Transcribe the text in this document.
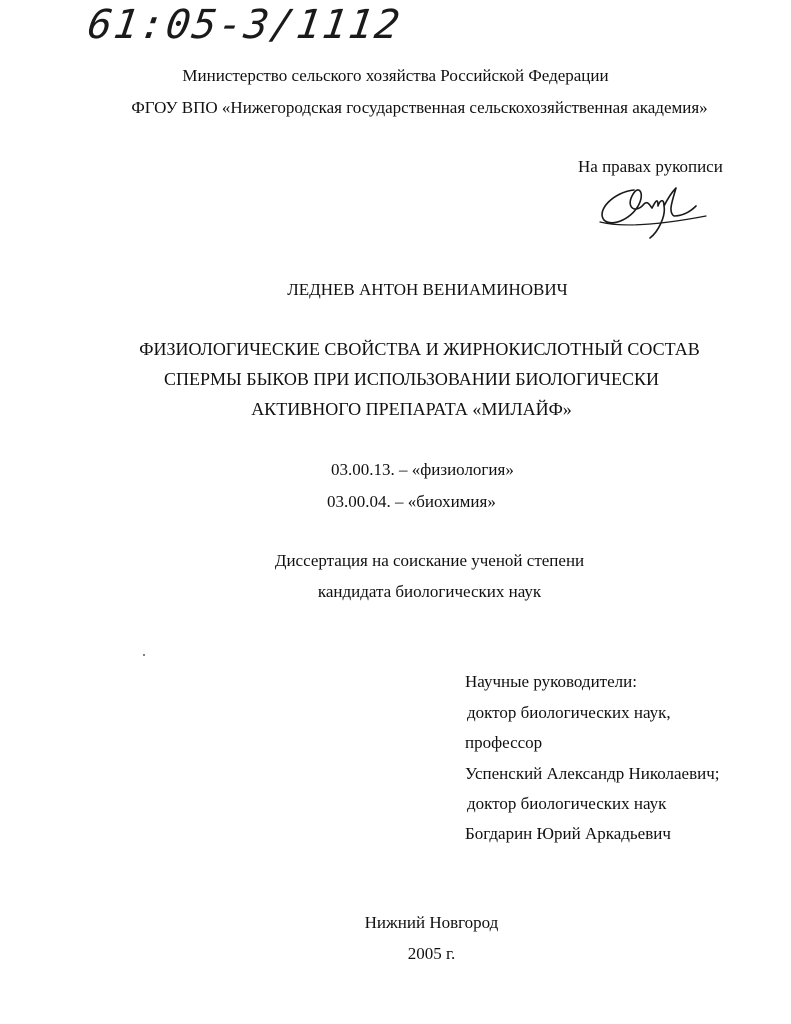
61:05-3/1112
Министерство сельского хозяйства Российской Федерации
ФГОУ ВПО «Нижегородская государственная сельскохозяйственная академия»
На правах рукописи
ЛЕДНЕВ АНТОН ВЕНИАМИНОВИЧ
ФИЗИОЛОГИЧЕСКИЕ СВОЙСТВА И ЖИРНОКИСЛОТНЫЙ СОСТАВ
СПЕРМЫ БЫКОВ ПРИ ИСПОЛЬЗОВАНИИ БИОЛОГИЧЕСКИ
АКТИВНОГО ПРЕПАРАТА «МИЛАЙФ»
03.00.13. – «физиология»
03.00.04. – «биохимия»
Диссертация на соискание ученой степени
кандидата биологических наук
Научные руководители:
доктор биологических наук,
профессор
Успенский Александр Николаевич;
доктор биологических наук
Богдарин Юрий Аркадьевич
Нижний Новгород
2005 г.
